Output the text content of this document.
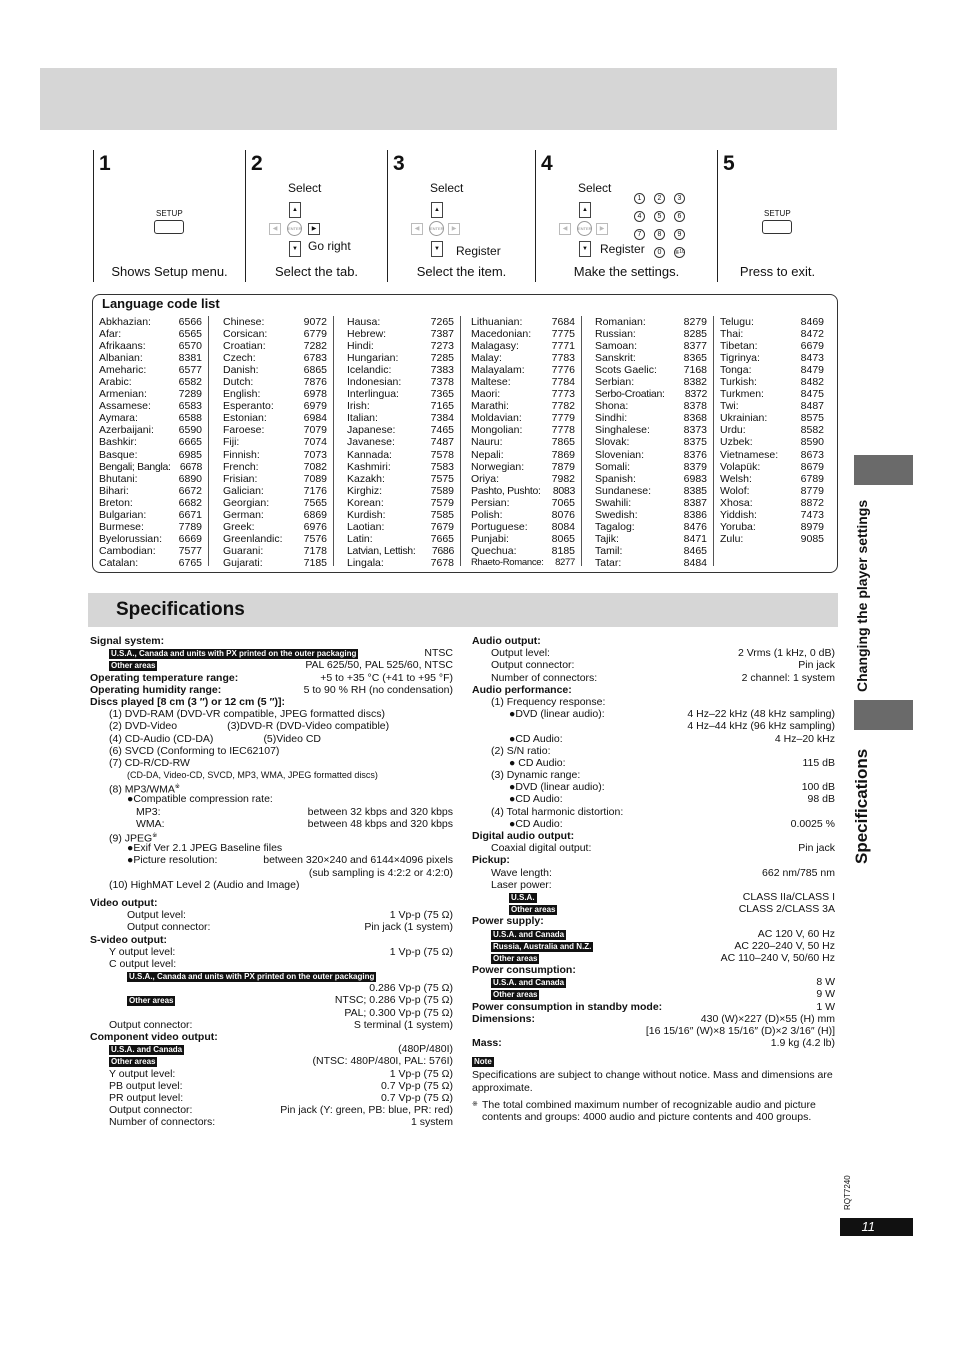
1
Shows Setup menu.
SETUP
2
Select the tab.
Select
▲
◀	ENTER	▶
▼ Go right
3
Select the item.
Select
▲
◀	ENTER	▶
▼ Register
4
Make the settings.
Select
▲
◀	ENTER	▶
▼ Register
1	2	3
4	5	6
7	8	9
0	≧10
5
Press to exit.
SETUP
Language code list
Abkhazian:	6566
Afar:	6565
Afrikaans:	6570
Albanian:	8381
Ameharic:	6577
Arabic:	6582
Armenian:	7289
Assamese:	6583
Aymara:	6588
Azerbaijani: 6590
Bashkir:	6665
Basque:	6985
Bengali; Bangla: 6678
Bhutani:	6890
Bihari:	6672
Breton:	6682
Bulgarian:	6671
Burmese:	7789
Byelorussian: 6669
Cambodian: 7577
Catalan:	6765
Chinese:	9072
Corsican:	6779
Croatian:	7282
Czech:	6783
Danish:	6865
Dutch:	7876
English:	6978
Esperanto:	6979
Estonian:	6984
Faroese:	7079
Fiji:	7074
Finnish:	7073
French:	7082
Frisian:	7089
Galician:	7176
Georgian:	7565
German:	6869
Greek:	6976
Greenlandic: 7576
Guarani:	7178
Gujarati:	7185
Hausa:	7265
Hebrew:	7387
Hindi:	7273
Hungarian:	7285
Icelandic:	7383
Indonesian:	7378
Interlingua:	7365
Irish:	7165
Italian:	7384
Japanese:	7465
Javanese:	7487
Kannada:	7578
Kashmiri:	7583
Kazakh:	7575
Kirghiz:	7589
Korean:	7579
Kurdish:	7585
Laotian:	7679
Latin:	7665
Latvian, Lettish: 7686
Lingala:	7678
Lithuanian:	7684
Macedonian: 7775
Malagasy:	7771
Malay:	7783
Malayalam:	7776
Maltese:	7784
Maori:	7773
Marathi:	7782
Moldavian:	7779
Mongolian:	7778
Nauru:	7865
Nepali:	7869
Norwegian:	7879
Oriya:	7982
Pashto, Pushto: 8083
Persian:	7065
Polish:	8076
Portuguese: 8084
Punjabi:	8065
Quechua:	8185
Rhaeto-Romance: 8277
Romanian:	8279
Russian:	8285
Samoan:	8377
Sanskrit:	8365
Scots Gaelic:	7168
Serbian:	8382
Serbo-Croatian: 8372
Shona:	8378
Sindhi:	8368
Singhalese:	8373
Slovak:	8375
Slovenian:	8376
Somali:	8379
Spanish:	6983
Sundanese:	8385
Swahili:	8387
Swedish:	8386
Tagalog:	8476
Tajik:	8471
Tamil:	8465
Tatar:	8484
Telugu:	8469
Thai:	8472
Tibetan:	6679
Tigrinya:	8473
Tonga:	8479
Turkish:	8482
Turkmen:	8475
Twi:	8487
Ukrainian:	8575
Urdu:	8582
Uzbek:	8590
Vietnamese: 8673
Volapük:	8679
Welsh:	6789
Wolof:	8779
Xhosa:	8872
Yiddish:	7473
Yoruba:	8979
Zulu:	9085
Specifications	Changing the player settings
Specifications
Signal system:
U.S.A., Canada and units with PX printed on the outer packaging	NTSC
Other areas	PAL 625/50, PAL 525/60, NTSC
Operating temperature range:	+5 to +35 °C (+41 to +95 °F)
Operating humidity range:	5 to 90 % RH (no condensation)
Discs played [8 cm (3 ″) or 12 cm (5 ″)]:
(1) DVD-RAM (DVD-VR compatible, JPEG formatted discs)
(2) DVD-Video	(3)DVD-R (DVD-Video compatible)
(4) CD-Audio (CD-DA)	(5)Video CD
(6) SVCD (Conforming to IEC62107)
(7) CD-R/CD-RW
(CD-DA, Video-CD, SVCD, MP3, WMA, JPEG formatted discs)
(8) MP3/WMA※
●Compatible compression rate:
MP3:	between 32 kbps and 320 kbps
WMA:	between 48 kbps and 320 kbps
(9) JPEG※
●Exif Ver 2.1 JPEG Baseline files
●Picture resolution:	between 320×240 and 6144×4096 pixels
(sub sampling is 4:2:2 or 4:2:0)
(10) HighMAT Level 2 (Audio and Image)
Video output:
Output level:	1 Vp-p (75 Ω)
Output connector:	Pin jack (1 system)
S-video output:
Y output level:	1 Vp-p (75 Ω)
C output level:
U.S.A., Canada and units with PX printed on the outer packaging
0.286 Vp-p (75 Ω)
Other areas	NTSC; 0.286 Vp-p (75 Ω)
PAL; 0.300 Vp-p (75 Ω)
Output connector:	S terminal (1 system)
Component video output:
U.S.A. and Canada	(480P/480I)
Other areas	(NTSC: 480P/480I, PAL: 576I)
Y output level:	1 Vp-p (75 Ω)
PB output level:	0.7 Vp-p (75 Ω)
PR output level:	0.7 Vp-p (75 Ω)
Output connector:	Pin jack (Y: green, PB: blue, PR: red)
Number of connectors:	1 system
Audio output:
Output level:	2 Vrms (1 kHz, 0 dB)
Output connector:	Pin jack
Number of connectors:	2 channel: 1 system
Audio performance:
(1) Frequency response:
●DVD (linear audio):	4 Hz–22 kHz (48 kHz sampling)
4 Hz–44 kHz (96 kHz sampling)
●CD Audio:	4 Hz–20 kHz
(2) S/N ratio:
● CD Audio:	115 dB
(3) Dynamic range:
●DVD (linear audio):	100 dB
●CD Audio:	98 dB
(4) Total harmonic distortion:
●CD Audio:	0.0025 %
Digital audio output:
Coaxial digital output:	Pin jack
Pickup:
Wave length:	662 nm/785 nm
Laser power:
U.S.A.	CLASS IIa/CLASS I
Other areas	CLASS 2/CLASS 3A
Power supply:
U.S.A. and Canada	AC 120 V, 60 Hz
Russia, Australia and N.Z.	AC 220–240 V, 50 Hz
Other areas	AC 110–240 V, 50/60 Hz
Power consumption:
U.S.A. and Canada	8 W
Other areas	9 W
Power consumption in standby mode:	1 W
Dimensions:	430 (W)×227 (D)×55 (H) mm
[16 15/16″ (W)×8 15/16″ (D)×2 3/16″ (H)]
Mass:	1.9 kg (4.2 lb)
Note
Specifications are subject to change without notice. Mass and dimensions are approximate.
※ The total combined maximum number of recognizable audio and picture contents and groups: 4000 audio and picture contents and 400 groups.
RQT7240
11
